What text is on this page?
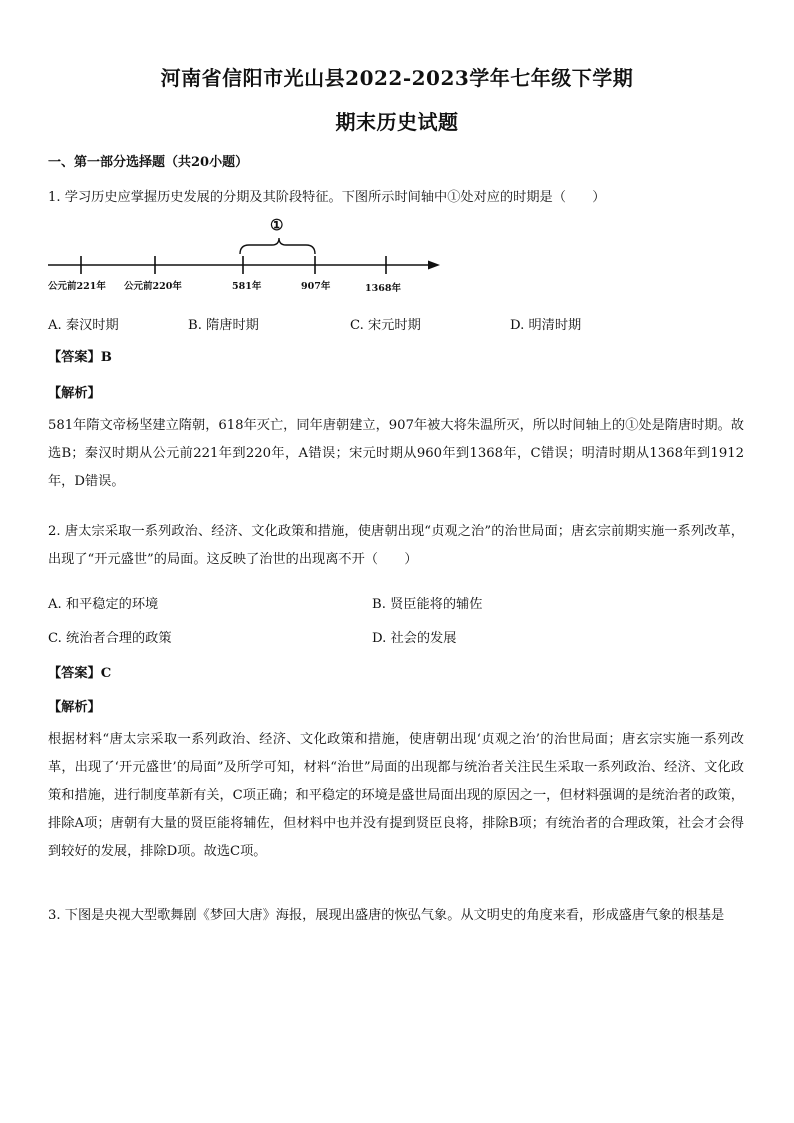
河南省信阳市光山县2022-2023学年七年级下学期
期末历史试题
一、第一部分选择题（共20小题）
1. 学习历史应掌握历史发展的分期及其阶段特征。下图所示时间轴中①处对应的时期是（　　）
①
公元前221年 公元前220年	581年	907年	1368年
A. 秦汉时期	B. 隋唐时期	C. 宋元时期	D. 明清时期
【答案】B
【解析】
581年隋文帝杨坚建立隋朝，618年灭亡，同年唐朝建立，907年被大将朱温所灭，所以时间轴上的①处是隋唐时期。故选B；秦汉时期从公元前221年到220年，A错误；宋元时期从960年到1368年，C错误；明清时期从1368年到1912年，D错误。
2. 唐太宗采取一系列政治、经济、文化政策和措施，使唐朝出现“贞观之治”的治世局面；唐玄宗前期实施一系列改革，出现了“开元盛世”的局面。这反映了治世的出现离不开（　　）
A. 和平稳定的环境	B. 贤臣能将的辅佐
C. 统治者合理的政策	D. 社会的发展
【答案】C
【解析】
根据材料“唐太宗采取一系列政治、经济、文化政策和措施，使唐朝出现‘贞观之治’的治世局面；唐玄宗实施一系列改革，出现了‘开元盛世’的局面”及所学可知，材料“治世”局面的出现都与统治者关注民生采取一系列政治、经济、文化政策和措施，进行制度革新有关，C项正确；和平稳定的环境是盛世局面出现的原因之一，但材料强调的是统治者的政策，排除A项；唐朝有大量的贤臣能将辅佐，但材料中也并没有提到贤臣良将，排除B项；有统治者的合理政策，社会才会得到较好的发展，排除D项。故选C项。
3. 下图是央视大型歌舞剧《梦回大唐》海报，展现出盛唐的恢弘气象。从文明史的角度来看，形成盛唐气象的根基是
